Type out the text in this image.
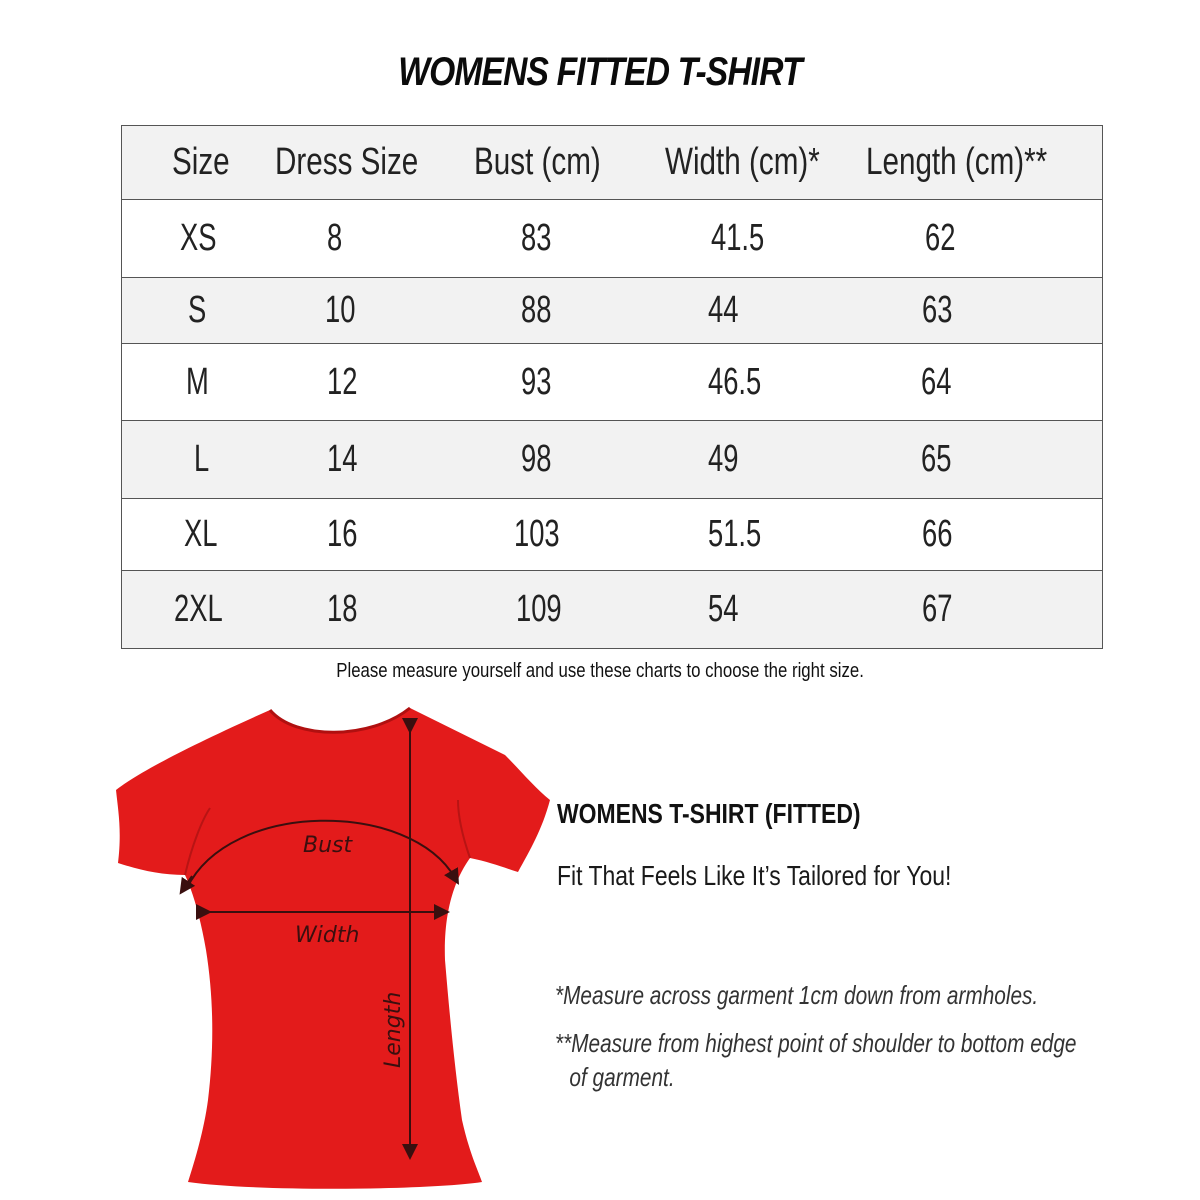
WOMENS FITTED T-SHIRT
Size	Dress Size	Bust (cm)	Width (cm)*	Length (cm)**
XS	8	83	41.5	62
S	10	88	44	63
M	12	93	46.5	64
L	14	98	49	65
XL	16	103	51.5	66
2XL	18	109	54	67
Please measure yourself and use these charts to choose the right size.
Bust
Width
Length
WOMENS T-SHIRT (FITTED)
Fit That Feels Like It’s Tailored for You!
*Measure across garment 1cm down from armholes.
**Measure from highest point of shoulder to bottom edge
of garment.
